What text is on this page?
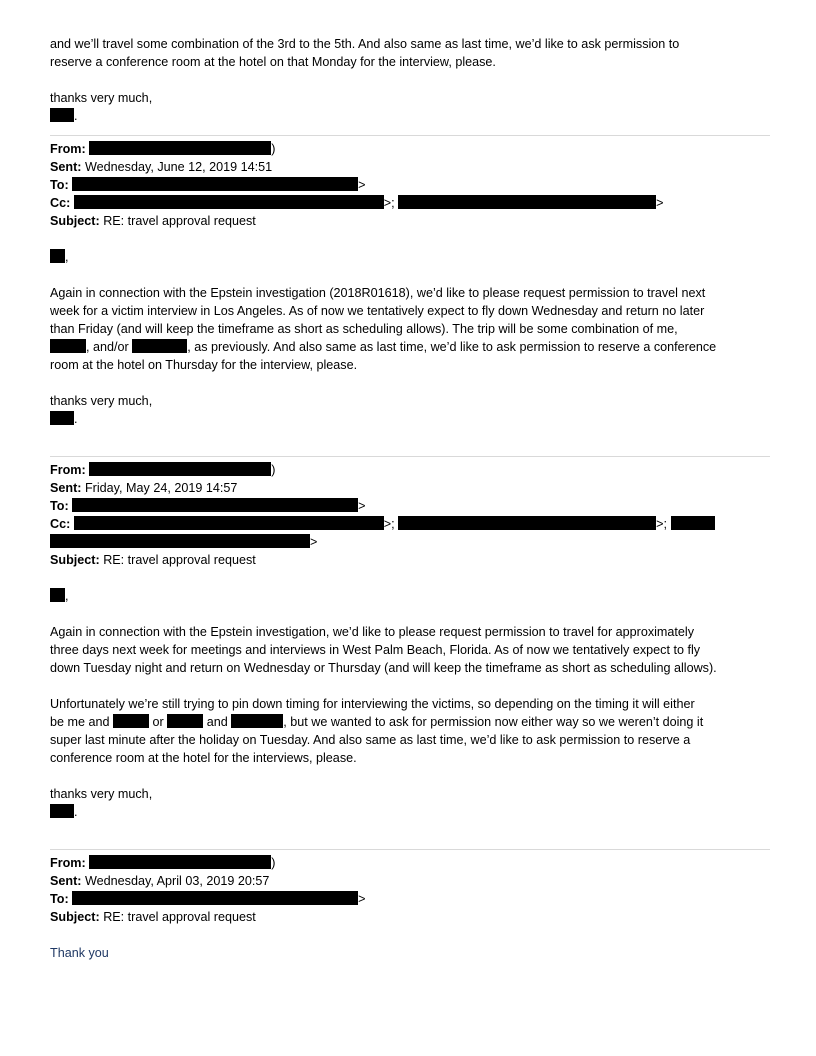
and we’ll travel some combination of the 3rd to the 5th. And also same as last time, we’d like to ask permission to
reserve a conference room at the hotel on that Monday for the interview, please.
thanks very much,
.
From:	)
Sent: Wednesday, June 12, 2019 14:51
To:	>
Cc:	>;	>
Subject: RE: travel approval request
,
Again in connection with the Epstein investigation (2018R01618), we’d like to please request permission to travel next
week for a victim interview in Los Angeles. As of now we tentatively expect to fly down Wednesday and return no later
than Friday (and will keep the timeframe as short as scheduling allows). The trip will be some combination of me,
, and/or	, as previously. And also same as last time, we’d like to ask permission to reserve a conference
room at the hotel on Thursday for the interview, please.
thanks very much,
.
From:	)
Sent: Friday, May 24, 2019 14:57
To:	>
Cc:	>;	>;
>
Subject: RE: travel approval request
,
Again in connection with the Epstein investigation, we’d like to please request permission to travel for approximately
three days next week for meetings and interviews in West Palm Beach, Florida. As of now we tentatively expect to fly
down Tuesday night and return on Wednesday or Thursday (and will keep the timeframe as short as scheduling allows).
Unfortunately we’re still trying to pin down timing for interviewing the victims, so depending on the timing it will either
be me and	or	and	, but we wanted to ask for permission now either way so we weren’t doing it
super last minute after the holiday on Tuesday. And also same as last time, we’d like to ask permission to reserve a
conference room at the hotel for the interviews, please.
thanks very much,
.
From:	)
Sent: Wednesday, April 03, 2019 20:57
To:	>
Subject: RE: travel approval request
Thank you
